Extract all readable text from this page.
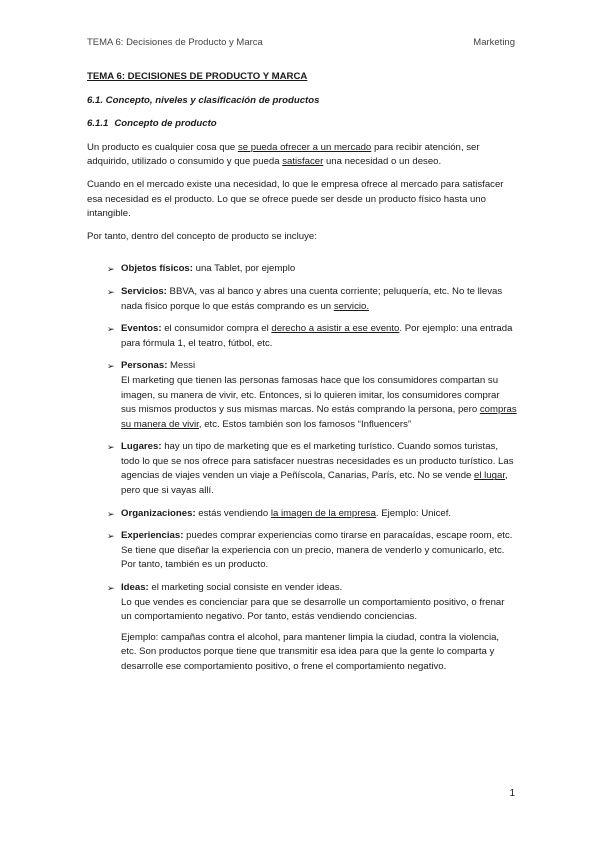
TEMA 6: Decisiones de Producto y Marca	Marketing
TEMA 6: DECISIONES DE PRODUCTO Y MARCA
6.1. Concepto, niveles y clasificación de productos
6.1.1 Concepto de producto

Un producto es cualquier cosa que se pueda ofrecer a un mercado para recibir atención, ser adquirido, utilizado o consumido y que pueda satisfacer una necesidad o un deseo.

Cuando en el mercado existe una necesidad, lo que le empresa ofrece al mercado para satisfacer esa necesidad es el producto. Lo que se ofrece puede ser desde un producto físico hasta uno intangible.

Por tanto, dentro del concepto de producto se incluye:

➢ Objetos físicos: una Tablet, por ejemplo
➢ Servicios: BBVA, vas al banco y abres una cuenta corriente; peluquería, etc. No te llevas nada físico porque lo que estás comprando es un servicio.
➢ Eventos: el consumidor compra el derecho a asistir a ese evento. Por ejemplo: una entrada para fórmula 1, el teatro, fútbol, etc.
➢ Personas: Messi
El marketing que tienen las personas famosas hace que los consumidores compartan su imagen, su manera de vivir, etc. Entonces, si lo quieren imitar, los consumidores comprar sus mismos productos y sus mismas marcas. No estás comprando la persona, pero compras su manera de vivir, etc. Estos también son los famosos “Influencers”
➢ Lugares: hay un tipo de marketing que es el marketing turístico. Cuando somos turistas, todo lo que se nos ofrece para satisfacer nuestras necesidades es un producto turístico. Las agencias de viajes venden un viaje a Peñíscola, Canarias, París, etc. No se vende el lugar, pero que si vayas allí.
➢ Organizaciones: estás vendiendo la imagen de la empresa. Ejemplo: Unicef.
➢ Experiencias: puedes comprar experiencias como tirarse en paracaídas, escape room, etc. Se tiene que diseñar la experiencia con un precio, manera de venderlo y comunicarlo, etc. Por tanto, también es un producto.
➢ Ideas: el marketing social consiste en vender ideas.
Lo que vendes es concienciar para que se desarrolle un comportamiento positivo, o frenar un comportamiento negativo. Por tanto, estás vendiendo conciencias.
Ejemplo: campañas contra el alcohol, para mantener limpia la ciudad, contra la violencia, etc. Son productos porque tiene que transmitir esa idea para que la gente lo comparta y desarrolle ese comportamiento positivo, o frene el comportamiento negativo.
1
